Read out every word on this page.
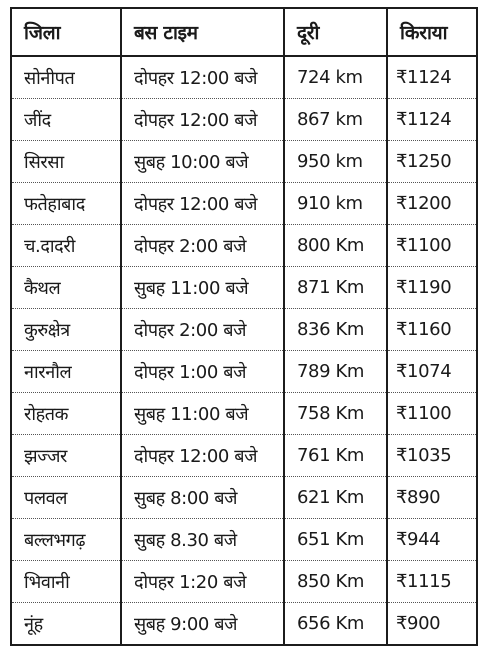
जिला	बस टाइम	दूरी	किराया
सोनीपत	दोपहर 12:00 बजे	724 km	₹1124
जींद	दोपहर 12:00 बजे	867 km	₹1124
सिरसा	सुबह 10:00 बजे	950 km	₹1250
फतेहाबाद	दोपहर 12:00 बजे	910 km	₹1200
च.दादरी	दोपहर 2:00 बजे	800 Km	₹1100
कैथल	सुबह 11:00 बजे	871 Km	₹1190
कुरुक्षेत्र	दोपहर 2:00 बजे	836 Km	₹1160
नारनौल	दोपहर 1:00 बजे	789 Km	₹1074
रोहतक	सुबह 11:00 बजे	758 Km	₹1100
झज्जर	दोपहर 12:00 बजे	761 Km	₹1035
पलवल	सुबह 8:00 बजे	621 Km	₹890
बल्लभगढ़	सुबह 8.30 बजे	651 Km	₹944
भिवानी	दोपहर 1:20 बजे	850 Km	₹1115
नूंह	सुबह 9:00 बजे	656 Km	₹900
